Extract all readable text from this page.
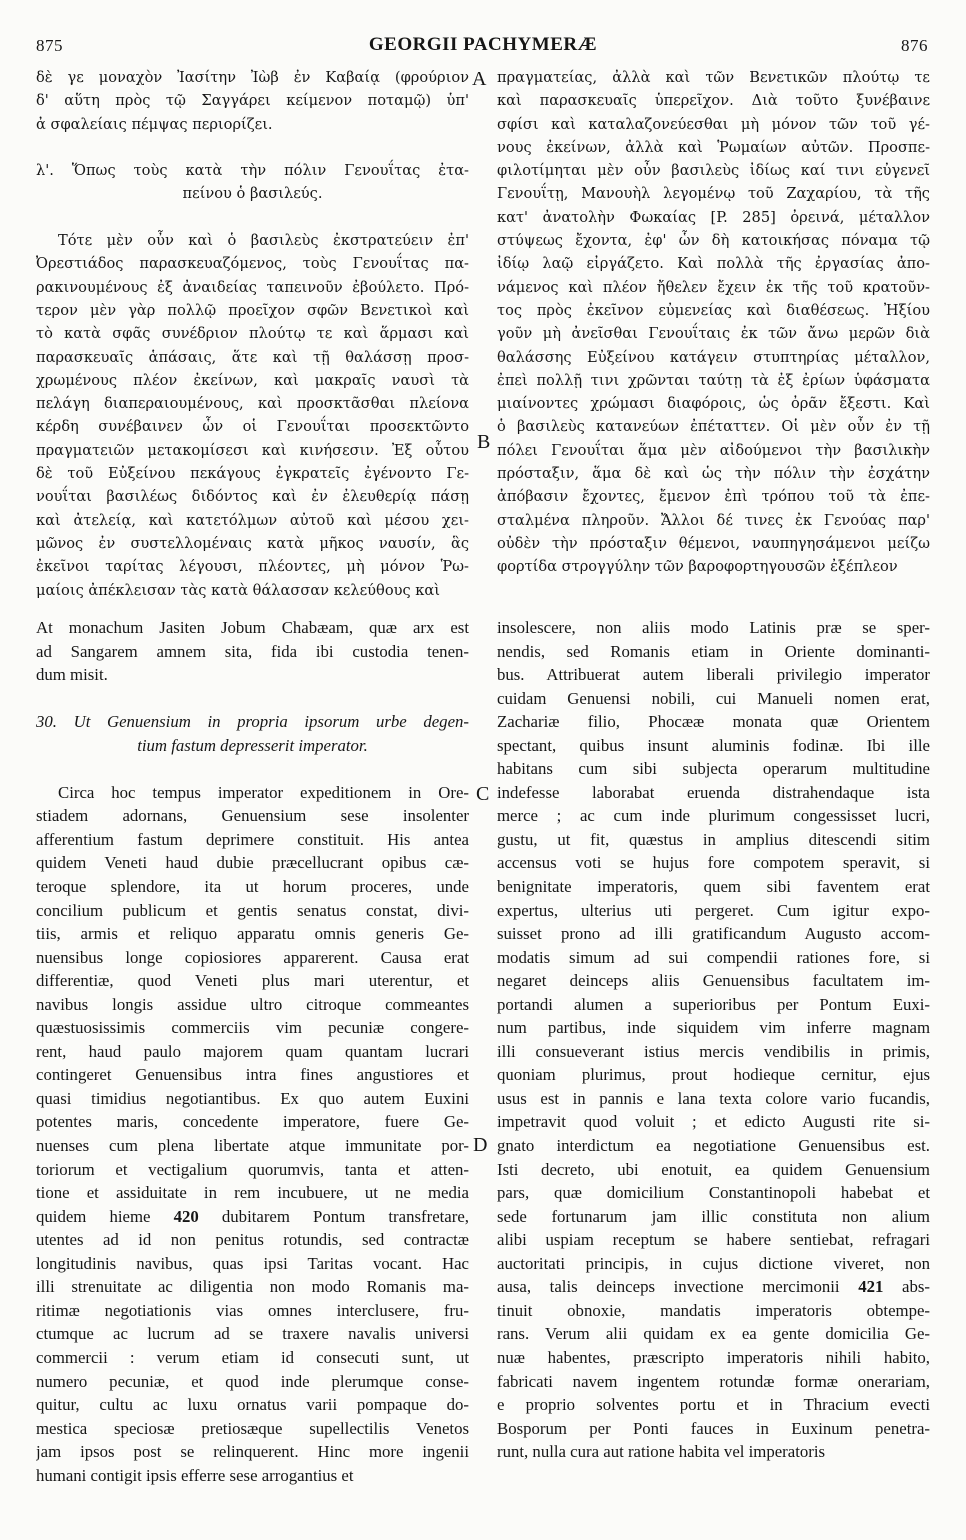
875	GEORGII PACHYMERÆ	876
A
B
C
D
δὲ γε μοναχὸν Ἰασίτην Ἰὼβ ἐν Καβαίᾳ (φρούριον
δ' αὕτη πρὸς τῷ Σαγγάρει κείμενον ποταμῷ) ὑπ'
ἀ σφαλείαις πέμψας περιορίζει.
λ'. Ὅπως τοὺς κατὰ τὴν πόλιν Γενουΐτας ἐτα-
πείνου ὁ βασιλεύς.
Τότε μὲν οὖν καὶ ὁ βασιλεὺς ἐκστρατεύειν ἐπ'
Ὀρεστιάδος παρασκευαζόμενος, τοὺς Γενουΐτας πα-
ρακινουμένους ἐξ ἀναιδείας ταπεινοῦν ἐβούλετο. Πρό-
τερον μὲν γὰρ πολλῷ προεῖχον σφῶν Βενετικοὶ καὶ
τὸ κατὰ σφᾶς συνέδριον πλούτῳ τε καὶ ἅρμασι καὶ
παρασκευαῖς ἁπάσαις, ἅτε καὶ τῇ θαλάσσῃ προσ-
χρωμένους πλέον ἐκείνων, καὶ μακραῖς ναυσὶ τὰ
πελάγη διαπεραιουμένους, καὶ προσκτᾶσθαι πλείονα
κέρδη συνέβαινεν ὧν οἱ Γενουΐται προσεκτῶντο
πραγματειῶν μετακομίσεσι καὶ κινήσεσιν. Ἐξ οὗτου
δὲ τοῦ Εὐξείνου πεκάγους ἐγκρατεῖς ἐγένοντο Γε-
νουΐται βασιλέως διδόντος καὶ ἐν ἐλευθερίᾳ πάσῃ
καὶ ἀτελείᾳ, καὶ κατετόλμων αὐτοῦ καὶ μέσου χει-
μῶνος ἐν συστελλομέναις κατὰ μῆκος ναυσίν, ἃς
ἐκεῖνοι ταρίτας λέγουσι, πλέοντες, μὴ μόνον Ῥω-
μαίοις ἀπέκλεισαν τὰς κατὰ θάλασσαν κελεύθους καὶ
πραγματείας, ἀλλὰ καὶ τῶν Βενετικῶν πλούτῳ τε
καὶ παρασκευαῖς ὑπερεῖχον. Διὰ τοῦτο ξυνέβαινε
σφίσι καὶ καταλαζονεύεσθαι μὴ μόνον τῶν τοῦ γέ-
νους ἐκείνων, ἀλλὰ καὶ Ῥωμαίων αὐτῶν. Προσπε-
φιλοτίμηται μὲν οὖν βασιλεὺς ἰδίως καί τινι εὐγενεῖ
Γενουΐτῃ, Μανουὴλ λεγομένῳ τοῦ Ζαχαρίου, τὰ τῆς
κατ' ἀνατολὴν Φωκαίας [P. 285] ὀρεινά, μέταλλον
στύψεως ἔχοντα, ἐφ' ὧν δὴ κατοικήσας πόναμα τῷ
ἰδίῳ λαῷ εἰργάζετο. Καὶ πολλὰ τῆς ἐργασίας ἀπο-
νάμενος καὶ πλέον ἤθελεν ἔχειν ἐκ τῆς τοῦ κρατοῦν-
τος πρὸς ἐκεῖνον εὐμενείας καὶ διαθέσεως. Ἠξίου
γοῦν μὴ ἀνεῖσθαι Γενουΐταις ἐκ τῶν ἄνω μερῶν διὰ
θαλάσσης Εὐξείνου κατάγειν στυπτηρίας μέταλλον,
ἐπεὶ πολλῇ τινι χρῶνται ταύτῃ τὰ ἐξ ἐρίων ὑφάσματα
μιαίνοντες χρώμασι διαφόροις, ὡς ὀρᾶν ἔξεστι. Καὶ
ὁ βασιλεὺς κατανεύων ἐπέταττεν. Οἱ μὲν οὖν ἐν τῇ
πόλει Γενουΐται ἅμα μὲν αἰδούμενοι τὴν βασιλικὴν
πρόσταξιν, ἅμα δὲ καὶ ὡς τὴν πόλιν τὴν ἐσχάτην
ἀπόβασιν ἔχοντες, ἔμενον ἐπὶ τρόπου τοῦ τὰ ἐπε-
σταλμένα πληροῦν. Ἄλλοι δέ τινες ἐκ Γενούας παρ'
οὐδὲν τὴν πρόσταξιν θέμενοι, ναυπηγησάμενοι μείζω
φορτίδα στρογγύλην τῶν βαροφορτηγουσῶν ἐξέπλεον
At monachum Jasiten Jobum Chabæam, quæ arx est
ad Sangarem amnem sita, fida ibi custodia tenen-
dum misit.
30. Ut Genuensium in propria ipsorum urbe degen-
tium fastum depresserit imperator.
Circa hoc tempus imperator expeditionem in Ore-
stiadem adornans, Genuensium sese insolenter
afferentium fastum deprimere constituit. His antea
quidem Veneti haud dubie præcellucrant opibus cæ-
teroque splendore, ita ut horum proceres, unde
concilium publicum et gentis senatus constat, divi-
tiis, armis et reliquo apparatu omnis generis Ge-
nuensibus longe copiosiores apparerent. Causa erat
differentiæ, quod Veneti plus mari uterentur, et
navibus longis assidue ultro citroque commeantes
quæstuosissimis commerciis vim pecuniæ congere-
rent, haud paulo majorem quam quantam lucrari
contingeret Genuensibus intra fines angustiores et
quasi timidius negotiantibus. Ex quo autem Euxini
potentes maris, concedente imperatore, fuere Ge-
nuenses cum plena libertate atque immunitate por-
toriorum et vectigalium quorumvis, tanta et atten-
tione et assiduitate in rem incubuere, ut ne media
quidem hieme 420 dubitarem Pontum transfretare,
utentes ad id non penitus rotundis, sed contractæ
longitudinis navibus, quas ipsi Taritas vocant. Hac
illi strenuitate ac diligentia non modo Romanis ma-
ritimæ negotiationis vias omnes interclusere, fru-
ctumque ac lucrum ad se traxere navalis universi
commercii : verum etiam id consecuti sunt, ut
numero pecuniæ, et quod inde plerumque conse-
quitur, cultu ac luxu ornatus varii pompaque do-
mestica speciosæ pretiosæque supellectilis Venetos
jam ipsos post se relinquerent. Hinc more ingenii
humani contigit ipsis efferre sese arrogantius et
insolescere, non aliis modo Latinis præ se sper-
nendis, sed Romanis etiam in Oriente dominanti-
bus. Attribuerat autem liberali privilegio imperator
cuidam Genuensi nobili, cui Manueli nomen erat,
Zachariæ filio, Phocææ monata quæ Orientem
spectant, quibus insunt aluminis fodinæ. Ibi ille
habitans cum sibi subjecta operarum multitudine
indefesse laborabat eruenda distrahendaque ista
merce ; ac cum inde plurimum congessisset lucri,
gustu, ut fit, quæstus in amplius ditescendi sitim
accensus voti se hujus fore compotem speravit, si
benignitate imperatoris, quem sibi faventem erat
expertus, ulterius uti pergeret. Cum igitur expo-
suisset prono ad illi gratificandum Augusto accom-
modatis simum ad sui compendii rationes fore, si
negaret deinceps aliis Genuensibus facultatem im-
portandi alumen a superioribus per Pontum Euxi-
num partibus, inde siquidem vim inferre magnam
illi consueverant istius mercis vendibilis in primis,
quoniam plurimus, prout hodieque cernitur, ejus
usus est in pannis e lana texta colore vario fucandis,
impetravit quod voluit ; et edicto Augusti rite si-
gnato interdictum ea negotiatione Genuensibus est.
Isti decreto, ubi enotuit, ea quidem Genuensium
pars, quæ domicilium Constantinopoli habebat et
sede fortunarum jam illic constituta non alium
alibi uspiam receptum se habere sentiebat, refragari
auctoritati principis, in cujus dictione viveret, non
ausa, talis deinceps invectione mercimonii 421 abs-
tinuit obnoxie, mandatis imperatoris obtempe-
rans. Verum alii quidam ex ea gente domicilia Ge-
nuæ habentes, præscripto imperatoris nihili habito,
fabricati navem ingentem rotundæ formæ onerariam,
e proprio solventes portu et in Thracium evecti
Bosporum per Ponti fauces in Euxinum penetra-
runt, nulla cura aut ratione habita vel imperatoris
